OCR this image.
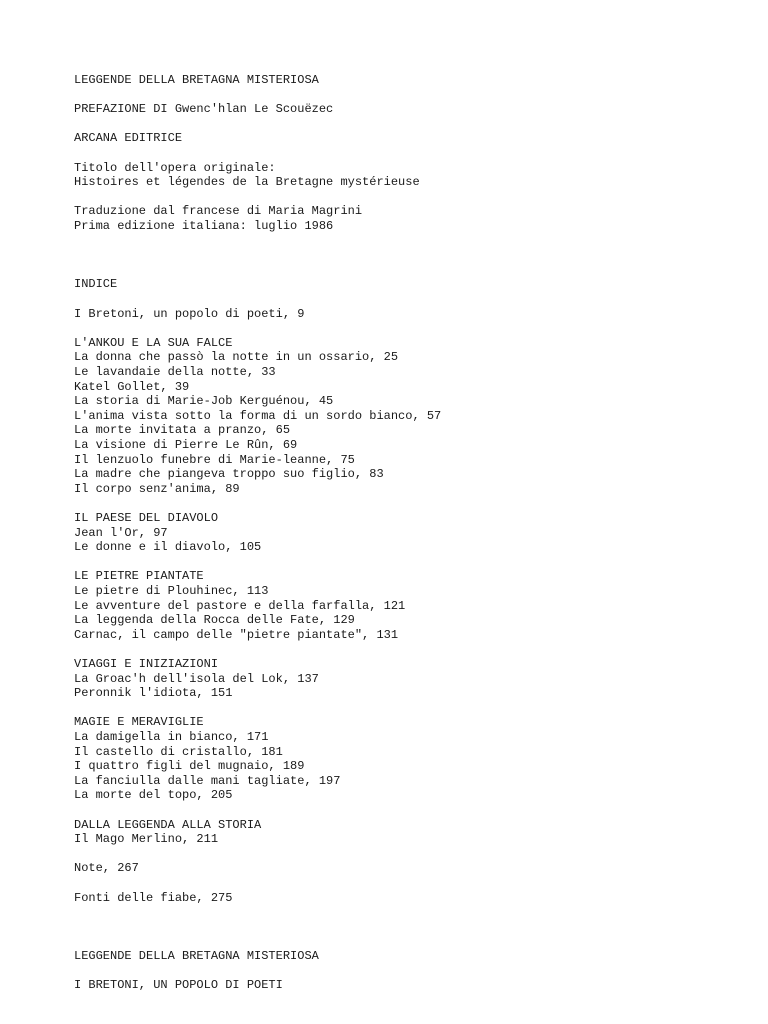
LEGGENDE DELLA BRETAGNA MISTERIOSA
PREFAZIONE DI Gwenc'hlan Le Scouëzec
ARCANA EDITRICE
Titolo dell'opera originale:
Histoires et légendes de la Bretagne mystérieuse
Traduzione dal francese di Maria Magrini
Prima edizione italiana: luglio 1986
INDICE
I Bretoni, un popolo di poeti, 9
L'ANKOU E LA SUA FALCE
La donna che passò la notte in un ossario, 25
Le lavandaie della notte, 33
Katel Gollet, 39
La storia di Marie-Job Kerguénou, 45
L'anima vista sotto la forma di un sordo bianco, 57
La morte invitata a pranzo, 65
La visione di Pierre Le Rûn, 69
Il lenzuolo funebre di Marie-leanne, 75
La madre che piangeva troppo suo figlio, 83
Il corpo senz'anima, 89
IL PAESE DEL DIAVOLO
Jean l'Or, 97
Le donne e il diavolo, 105
LE PIETRE PIANTATE
Le pietre di Plouhinec, 113
Le avventure del pastore e della farfalla, 121
La leggenda della Rocca delle Fate, 129
Carnac, il campo delle "pietre piantate", 131
VIAGGI E INIZIAZIONI
La Groac'h dell'isola del Lok, 137
Peronnik l'idiota, 151
MAGIE E MERAVIGLIE
La damigella in bianco, 171
Il castello di cristallo, 181
I quattro figli del mugnaio, 189
La fanciulla dalle mani tagliate, 197
La morte del topo, 205
DALLA LEGGENDA ALLA STORIA
Il Mago Merlino, 211
Note, 267
Fonti delle fiabe, 275
LEGGENDE DELLA BRETAGNA MISTERIOSA
I BRETONI, UN POPOLO DI POETI
